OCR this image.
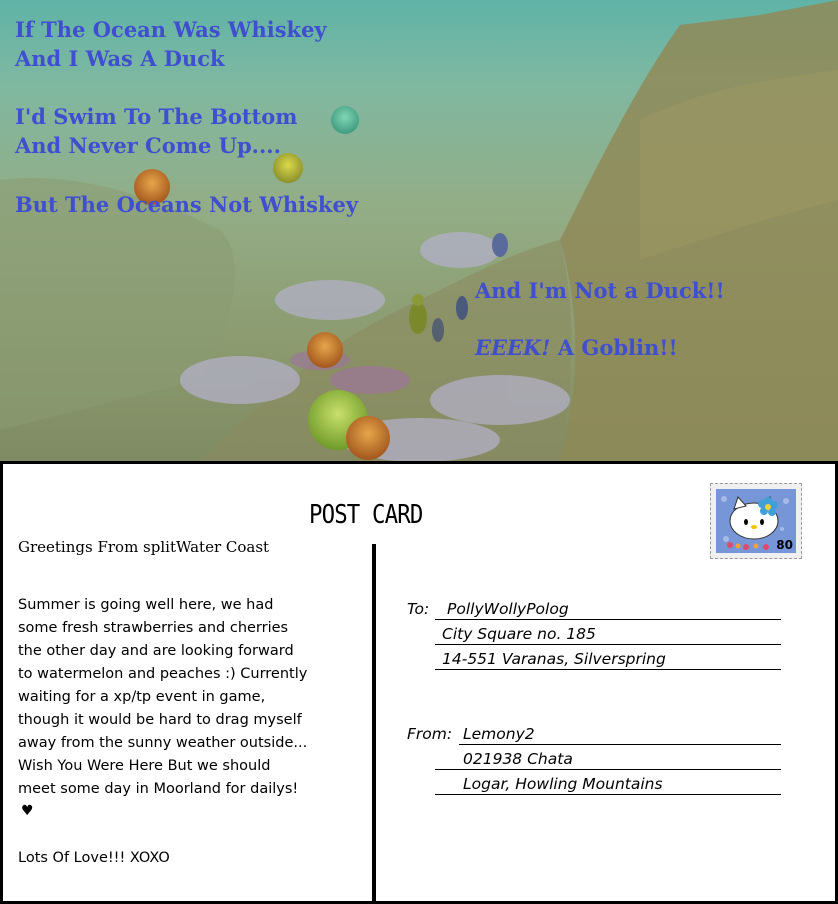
If The Ocean Was Whiskey

And I Was A Duck

I'd Swim To The Bottom

And Never Come Up....

But The Oceans Not Whiskey

And I'm Not a Duck!!

EEEK! A Goblin!!

POST CARD

80

Greetings From splitWater Coast

Summer is going well here, we had
some fresh strawberries and cherries
the other day and are looking forward
to watermelon and peaches :) Currently
waiting for a xp/tp event in game,
though it would be hard to drag myself
away from the sunny weather outside...
Wish You Were Here But we should
meet some day in Moorland for dailys!
♥

Lots Of Love!!! XOXO

To: PollyWollyPolog

City Square no. 185

14-551 Varanas, Silverspring

From: Lemony2

021938 Chata

Logar, Howling Mountains
